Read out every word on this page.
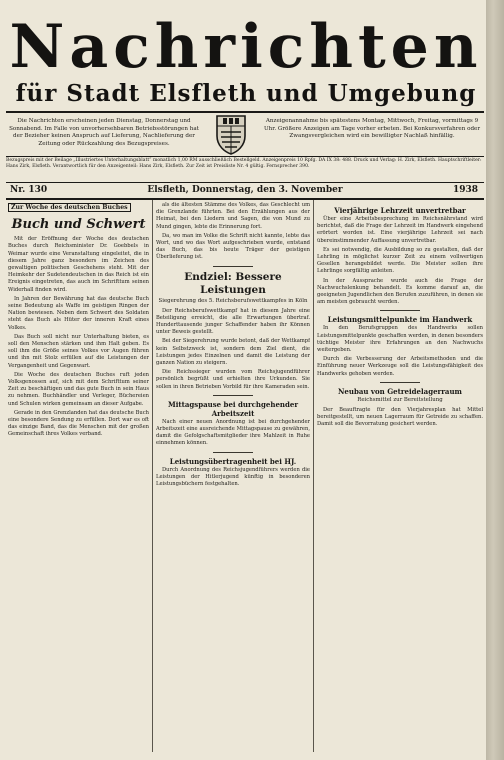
Nachrichten
für Stadt Elsfleth und Umgebung
Die Nachrichten erscheinen jeden Dienstag, Donnerstag und Sonnabend. Im Falle von unvorhersehbaren Betriebsstörungen hat der Bezieher keinen Anspruch auf Lieferung, Nachlieferung der Zeitung oder Rückzahlung des Bezugspreises.
Anzeigenannahme bis spätestens Montag, Mittwoch, Freitag, vormittags 9 Uhr. Größere Anzeigen am Tage vorher erbeten. Bei Konkursverfahren oder Zwangsvergleichen wird ein bewilligter Nachlaß hinfällig.
Bezugspreis mit der Beilage „Illustriertes Unterhaltungsblatt“ monatlich 1,00 RM ausschließlich Bestellgeld. Anzeigenpreis 10 Rpfg. DA IX 38: 488. Druck und Verlag: H. Zirk, Elsfleth. Hauptschriftleiter: Hans Zirk, Elsfleth. Verantwortlich für den Anzeigenteil: Hans Zirk, Elsfleth. Zur Zeit ist Preisliste Nr. 4 gültig. Fernsprecher 390.
Nr. 130	Elsfleth, Donnerstag, den 3. November	1938
Zur Woche des deutschen Buches
Buch und Schwert

Mit der Eröffnung der Woche des deutschen Buches durch Reichsminister Dr. Goebbels in Weimar wurde eine Veranstaltung eingeleitet, die in diesem Jahre ganz besonders im Zeichen des gewaltigen politischen Geschehens steht. Mit der Heimkehr der Sudetendeutschen in das Reich ist ein Ereignis eingetreten, das auch im Schrifttum seinen Widerhall finden wird.

In Jahren der Bewährung hat das deutsche Buch seine Bedeutung als Waffe im geistigen Ringen der Nation bewiesen. Neben dem Schwert des Soldaten steht das Buch als Hüter der inneren Kraft eines Volkes.

Das Buch soll nicht nur Unterhaltung bieten, es soll den Menschen stärken und ihm Halt geben. Es soll ihm die Größe seines Volkes vor Augen führen und ihn mit Stolz erfüllen auf die Leistungen der Vergangenheit und Gegenwart.

Die Woche des deutschen Buches ruft jeden Volksgenossen auf, sich mit dem Schrifttum seiner Zeit zu beschäftigen und das gute Buch in sein Haus zu nehmen. Buchhändler und Verleger, Büchereien und Schulen wirken gemeinsam an dieser Aufgabe.

Gerade in den Grenzlanden hat das deutsche Buch eine besondere Sendung zu erfüllen. Dort war es oft das einzige Band, das die Menschen mit der großen Gemeinschaft ihres Volkes verband.

als die ältesten Stämme des Volkes, das Geschlecht um die Grenzlande führten. Bei den Erzählungen aus der Heimat, bei den Liedern und Sagen, die von Mund zu Mund gingen, lebte die Erinnerung fort.

Da, wo man im Volke die Schrift nicht kannte, lebte das Wort, und wo das Wort aufgeschrieben wurde, entstand das Buch, das bis heute Träger der geistigen Überlieferung ist.

Endziel: Bessere Leistungen
Siegerehrung des 5. Reichsberufswettkampfes in Köln

Der Reichsberufswettkampf hat in diesem Jahre eine Beteiligung erreicht, die alle Erwartungen übertraf. Hunderttausende junger Schaffender haben ihr Können unter Beweis gestellt.

Bei der Siegerehrung wurde betont, daß der Wettkampf kein Selbstzweck ist, sondern dem Ziel dient, die Leistungen jedes Einzelnen und damit die Leistung der ganzen Nation zu steigern.

Die Reichssieger wurden vom Reichsjugendführer persönlich begrüßt und erhielten ihre Urkunden. Sie sollen in ihren Betrieben Vorbild für ihre Kameraden sein.

Mittagspause bei durchgehender Arbeitszeit

Nach einer neuen Anordnung ist bei durchgehender Arbeitszeit eine ausreichende Mittagspause zu gewähren, damit die Gefolgschaftsmitglieder ihre Mahlzeit in Ruhe einnehmen können.

Leistungsübertragenheit bei HJ.

Durch Anordnung des Reichsjugendführers werden die Leistungen der Hitlerjugend künftig in besonderen Leistungsbüchern festgehalten.

Vierjährige Lehrzeit unvertretbar

Über eine Arbeitsbesprechung im Reichsnährstand wird berichtet, daß die Frage der Lehrzeit im Handwerk eingehend erörtert worden ist. Eine vierjährige Lehrzeit sei nach übereinstimmender Auffassung unvertretbar.

Es sei notwendig, die Ausbildung so zu gestalten, daß der Lehrling in möglichst kurzer Zeit zu einem vollwertigen Gesellen herangebildet werde. Die Meister sollen ihre Lehrlinge sorgfältig anleiten.

In der Aussprache wurde auch die Frage der Nachwuchslenkung behandelt. Es komme darauf an, die geeigneten Jugendlichen den Berufen zuzuführen, in denen sie am meisten gebraucht werden.

Leistungsmittelpunkte im Handwerk

In den Berufsgruppen des Handwerks sollen Leistungsmittelpunkte geschaffen werden, in denen besonders tüchtige Meister ihre Erfahrungen an den Nachwuchs weitergeben.

Durch die Verbesserung der Arbeitsmethoden und die Einführung neuer Werkzeuge soll die Leistungsfähigkeit des Handwerks gehoben werden.

Neubau von Getreidelagerraum
Reichsmittel zur Bereitstellung

Der Beauftragte für den Vierjahresplan hat Mittel bereitgestellt, um neuen Lagerraum für Getreide zu schaffen. Damit soll die Bevorratung gesichert werden.
